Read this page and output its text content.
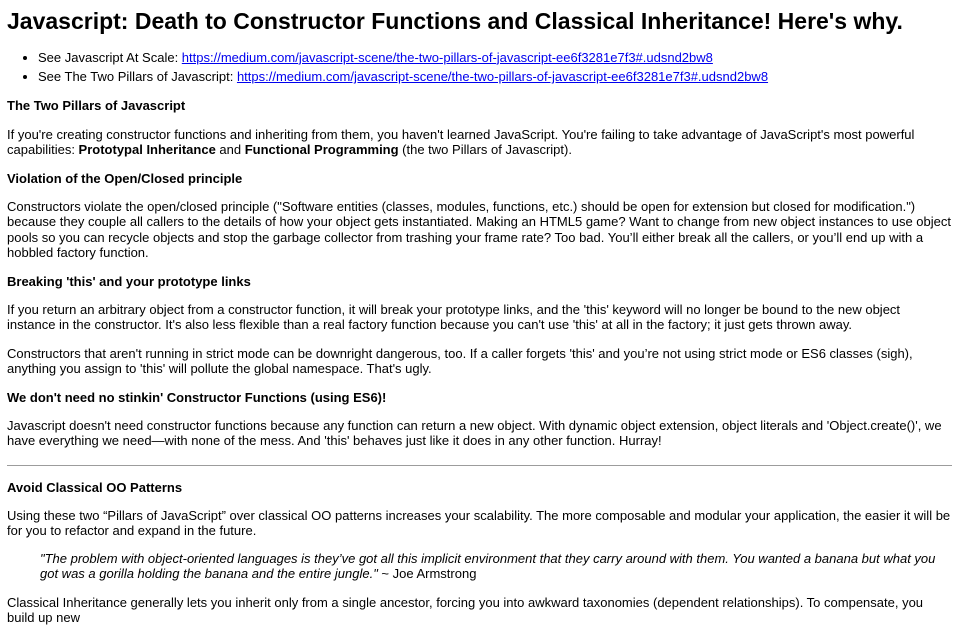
Javascript: Death to Constructor Functions and Classical Inheritance! Here's why.
• See Javascript At Scale: https://medium.com/javascript-scene/the-two-pillars-of-javascript-ee6f3281e7f3#.udsnd2bw8
• See The Two Pillars of Javascript: https://medium.com/javascript-scene/the-two-pillars-of-javascript-ee6f3281e7f3#.udsnd2bw8

The Two Pillars of Javascript

If you're creating constructor functions and inheriting from them, you haven't learned JavaScript. You're failing to take advantage of JavaScript's most powerful capabilities: Prototypal Inheritance and Functional Programming (the two Pillars of Javascript).

Violation of the Open/Closed principle

Constructors violate the open/closed principle ("Software entities (classes, modules, functions, etc.) should be open for extension but closed for modification.") because they couple all callers to the details of how your object gets instantiated. Making an HTML5 game? Want to change from new object instances to use object pools so you can recycle objects and stop the garbage collector from trashing your frame rate? Too bad. You’ll either break all the callers, or you’ll end up with a hobbled factory function.

Breaking 'this' and your prototype links

If you return an arbitrary object from a constructor function, it will break your prototype links, and the 'this' keyword will no longer be bound to the new object instance in the constructor. It's also less flexible than a real factory function because you can't use 'this' at all in the factory; it just gets thrown away.

Constructors that aren't running in strict mode can be downright dangerous, too. If a caller forgets 'this' and you’re not using strict mode or ES6 classes (sigh), anything you assign to 'this' will pollute the global namespace. That's ugly.

We don't need no stinkin' Constructor Functions (using ES6)!

Javascript doesn't need constructor functions because any function can return a new object. With dynamic object extension, object literals and 'Object.create()', we have everything we need—with none of the mess. And 'this' behaves just like it does in any other function. Hurray!

Avoid Classical OO Patterns

Using these two “Pillars of JavaScript” over classical OO patterns increases your scalability. The more composable and modular your application, the easier it will be for you to refactor and expand in the future.

"The problem with object-oriented languages is they’ve got all this implicit environment that they carry around with them. You wanted a banana but what you got was a gorilla holding the banana and the entire jungle." ~ Joe Armstrong

Classical Inheritance generally lets you inherit only from a single ancestor, forcing you into awkward taxonomies (dependent relationships). To compensate, you build up new
